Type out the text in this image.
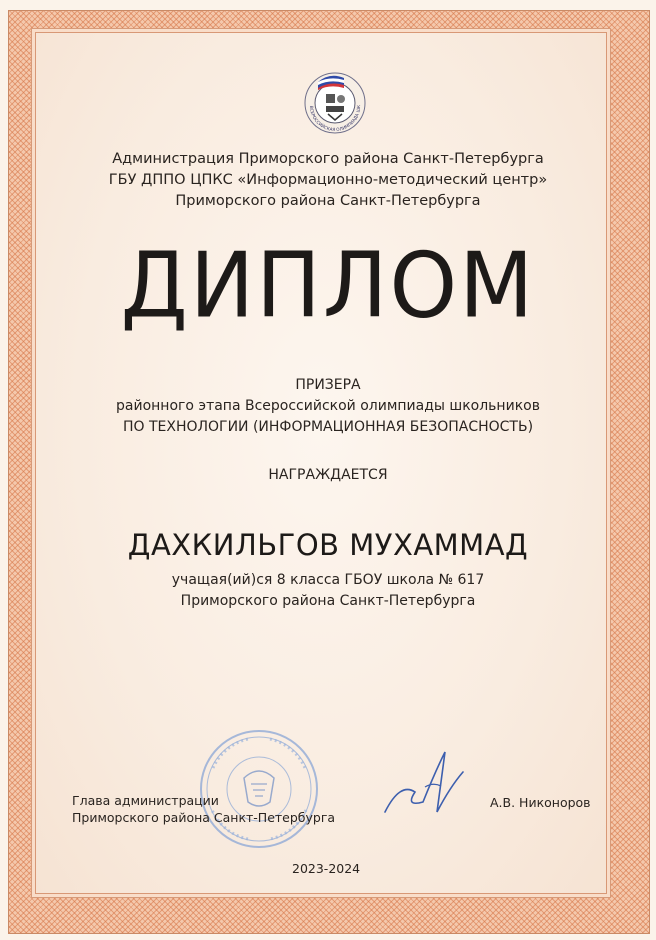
ВСЕРОССИЙСКАЯ ОЛИМПИАДА ШК
Администрация Приморского района Санкт-Петербурга
ГБУ ДППО ЦПКС «Информационно-методический центр»
Приморского района Санкт-Петербурга
ДИПЛОМ
ПРИЗЕРА
районного этапа Всероссийской олимпиады школьников
ПО ТЕХНОЛОГИИ (ИНФОРМАЦИОННАЯ БЕЗОПАСНОСТЬ)
НАГРАЖДАЕТСЯ
ДАХКИЛЬГОВ МУХАММАД
учащая(ий)ся 8 класса ГБОУ школа № 617
Приморского района Санкт-Петербурга
Глава администрации
Приморского района Санкт-Петербурга
А.В. Никоноров
2023-2024
